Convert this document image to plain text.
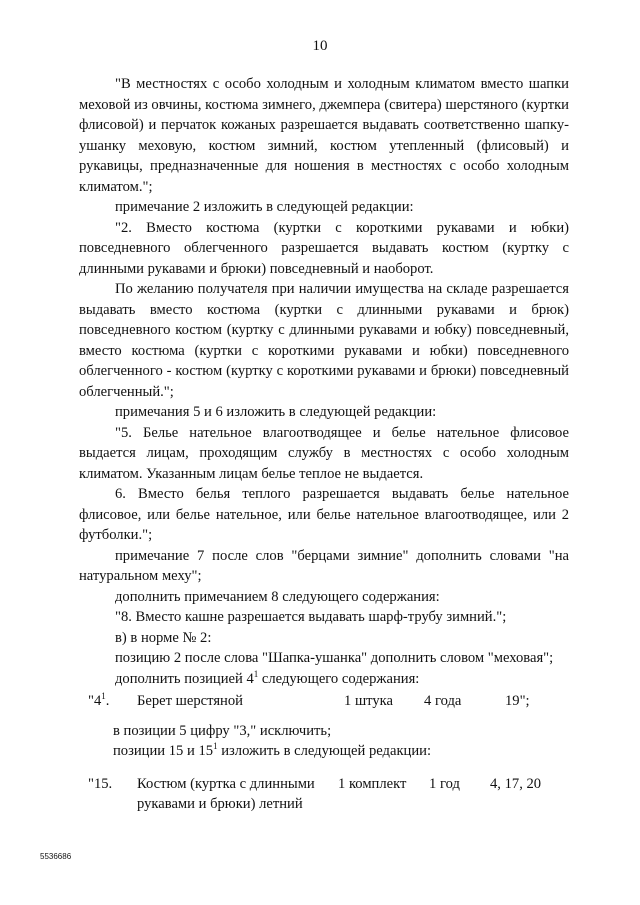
10

"В местностях с особо холодным и холодным климатом вместо шапки меховой из овчины, костюма зимнего, джемпера (свитера) шерстяного (куртки флисовой) и перчаток кожаных разрешается выдавать соответственно шапку-ушанку меховую, костюм зимний, костюм утепленный (флисовый) и рукавицы, предназначенные для ношения в местностях с особо холодным климатом.";

примечание 2 изложить в следующей редакции:

"2. Вместо костюма (куртки с короткими рукавами и юбки) повседневного облегченного разрешается выдавать костюм (куртку с длинными рукавами и брюки) повседневный и наоборот.

По желанию получателя при наличии имущества на складе разрешается выдавать вместо костюма (куртки с длинными рукавами и брюк) повседневного костюм (куртку с длинными рукавами и юбку) повседневный, вместо костюма (куртки с короткими рукавами и юбки) повседневного облегченного - костюм (куртку с короткими рукавами и брюки) повседневный облегченный.";

примечания 5 и 6 изложить в следующей редакции:

"5. Белье нательное влагоотводящее и белье нательное флисовое выдается лицам, проходящим службу в местностях с особо холодным климатом. Указанным лицам белье теплое не выдается.

6. Вместо белья теплого разрешается выдавать белье нательное флисовое, или белье нательное, или белье нательное влагоотводящее, или 2 футболки.";

примечание 7 после слов "берцами зимние" дополнить словами "на натуральном меху";

дополнить примечанием 8 следующего содержания:

"8. Вместо кашне разрешается выдавать шарф-трубу зимний.";

в) в норме № 2:

позицию 2 после слова "Шапка-ушанка" дополнить словом "меховая";

дополнить позицией $4^1$ следующего содержания:

"$4^1$. Берет шерстяной	1 штука 4 года	19";
в позиции 5 цифру "3," исключить;
позиции 15 и $15^1$ изложить в следующей редакции:
"15. Костюм (куртка с длинными
рукавами и брюки) летний
1 комплект 1 год 4, 17, 20
5536686
